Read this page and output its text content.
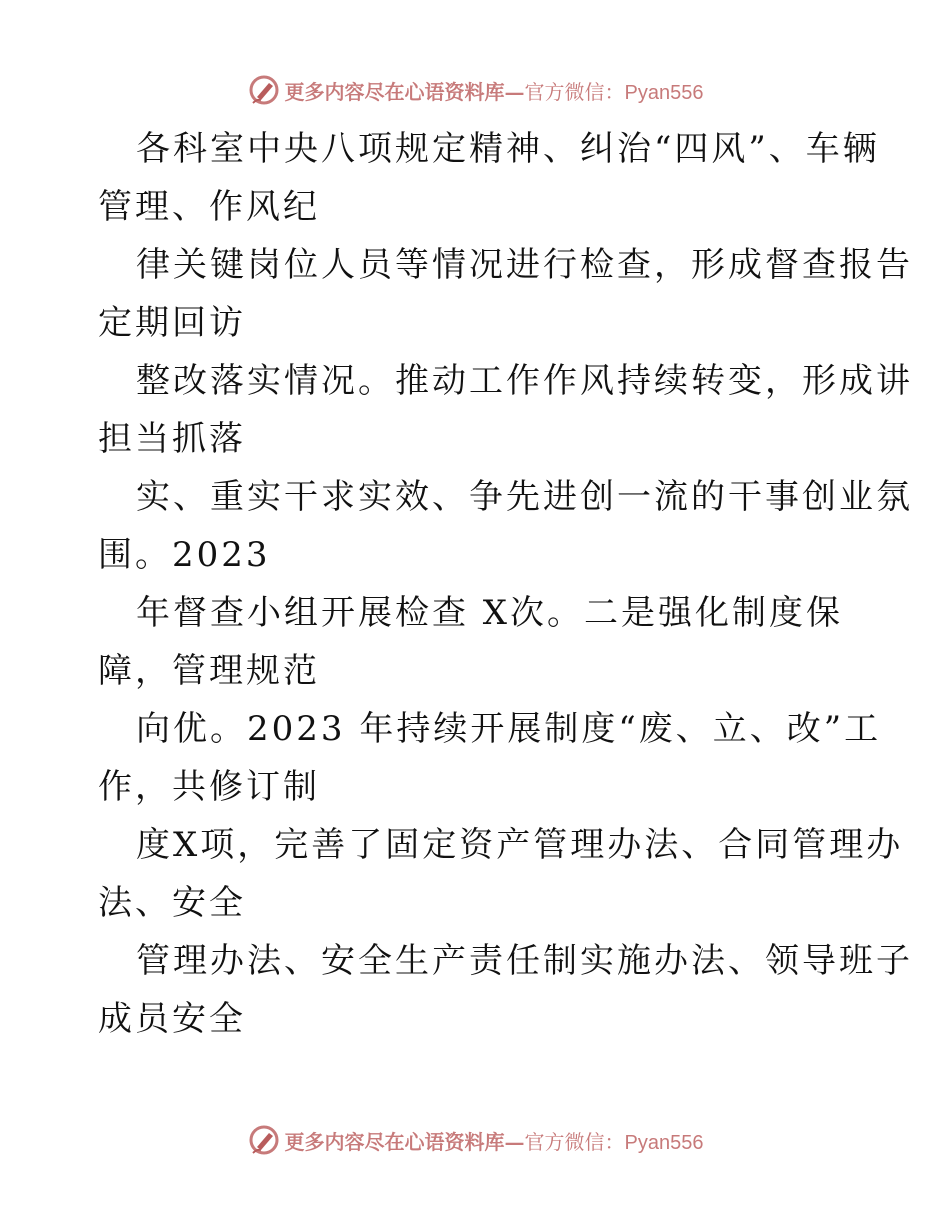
更多内容尽在心语资料库—官方微信：Pyan556
各科室中央八项规定精神、纠治“四风”、车辆
管理、作风纪
律关键岗位人员等情况进行检查，形成督查报告
定期回访
整改落实情况。推动工作作风持续转变，形成讲
担当抓落
实、重实干求实效、争先进创一流的干事创业氛
围。2023
年督查小组开展检查 X次。二是强化制度保
障，管理规范
向优。2023 年持续开展制度“废、立、改”工
作，共修订制
度X项，完善了固定资产管理办法、合同管理办
法、安全
管理办法、安全生产责任制实施办法、领导班子
成员安全
更多内容尽在心语资料库—官方微信：Pyan556
